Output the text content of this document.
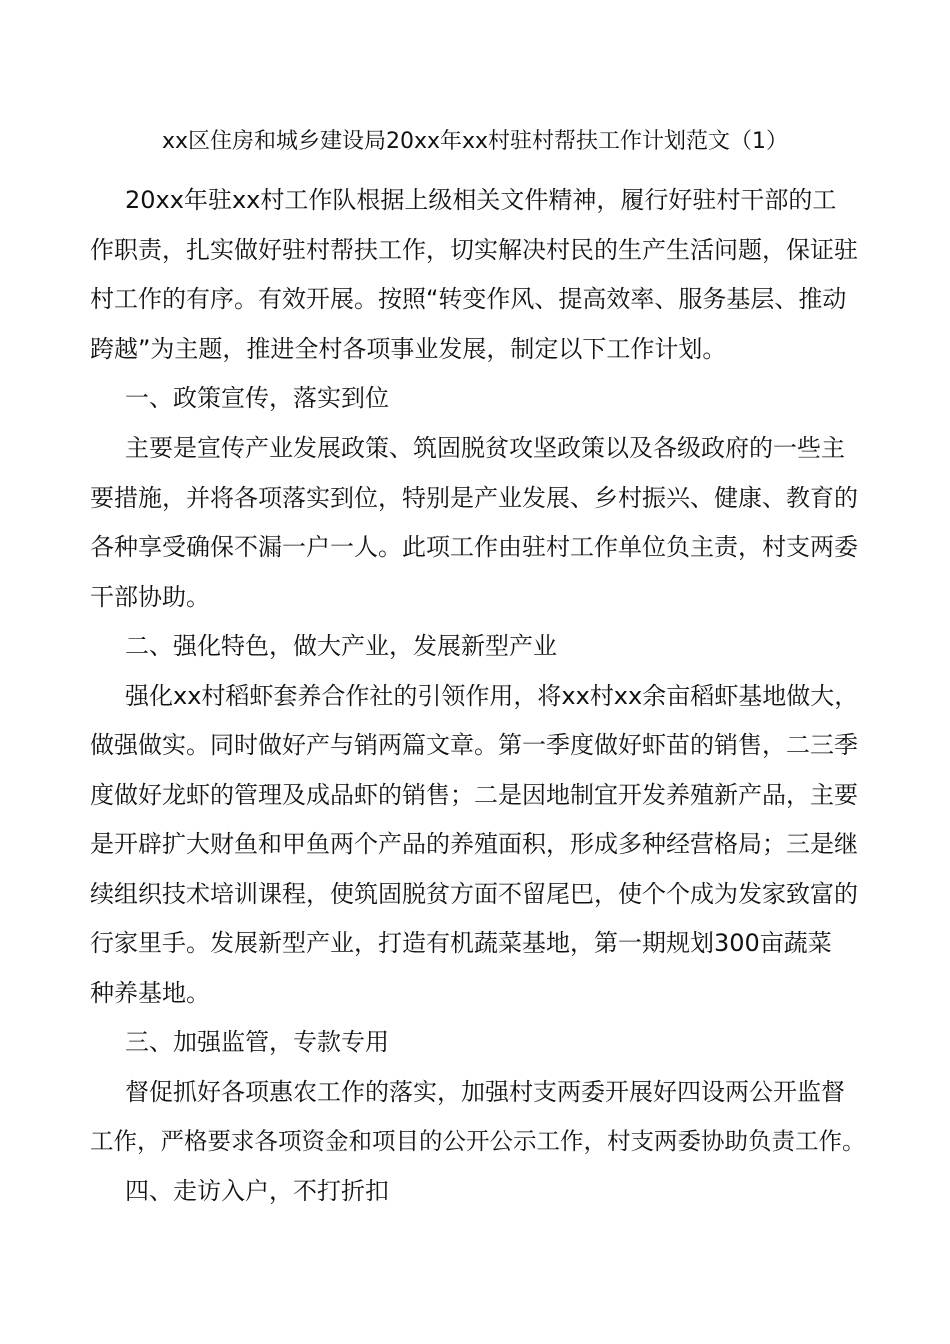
xx区住房和城乡建设局20xx年xx村驻村帮扶工作计划范文（1）
20xx年驻xx村工作队根据上级相关文件精神，履行好驻村干部的工
作职责，扎实做好驻村帮扶工作，切实解决村民的生产生活问题，保证驻
村工作的有序。有效开展。按照“转变作风、提高效率、服务基层、推动
跨越”为主题，推进全村各项事业发展，制定以下工作计划。
一、政策宣传，落实到位
主要是宣传产业发展政策、筑固脱贫攻坚政策以及各级政府的一些主
要措施，并将各项落实到位，特别是产业发展、乡村振兴、健康、教育的
各种享受确保不漏一户一人。此项工作由驻村工作单位负主责，村支两委
干部协助。
二、强化特色，做大产业，发展新型产业
强化xx村稻虾套养合作社的引领作用，将xx村xx余亩稻虾基地做大，
做强做实。同时做好产与销两篇文章。第一季度做好虾苗的销售，二三季
度做好龙虾的管理及成品虾的销售；二是因地制宜开发养殖新产品，主要
是开辟扩大财鱼和甲鱼两个产品的养殖面积，形成多种经营格局；三是继
续组织技术培训课程，使筑固脱贫方面不留尾巴，使个个成为发家致富的
行家里手。发展新型产业，打造有机蔬菜基地，第一期规划300亩蔬菜
种养基地。
三、加强监管，专款专用
督促抓好各项惠农工作的落实，加强村支两委开展好四设两公开监督
工作，严格要求各项资金和项目的公开公示工作，村支两委协助负责工作。
四、走访入户，不打折扣
